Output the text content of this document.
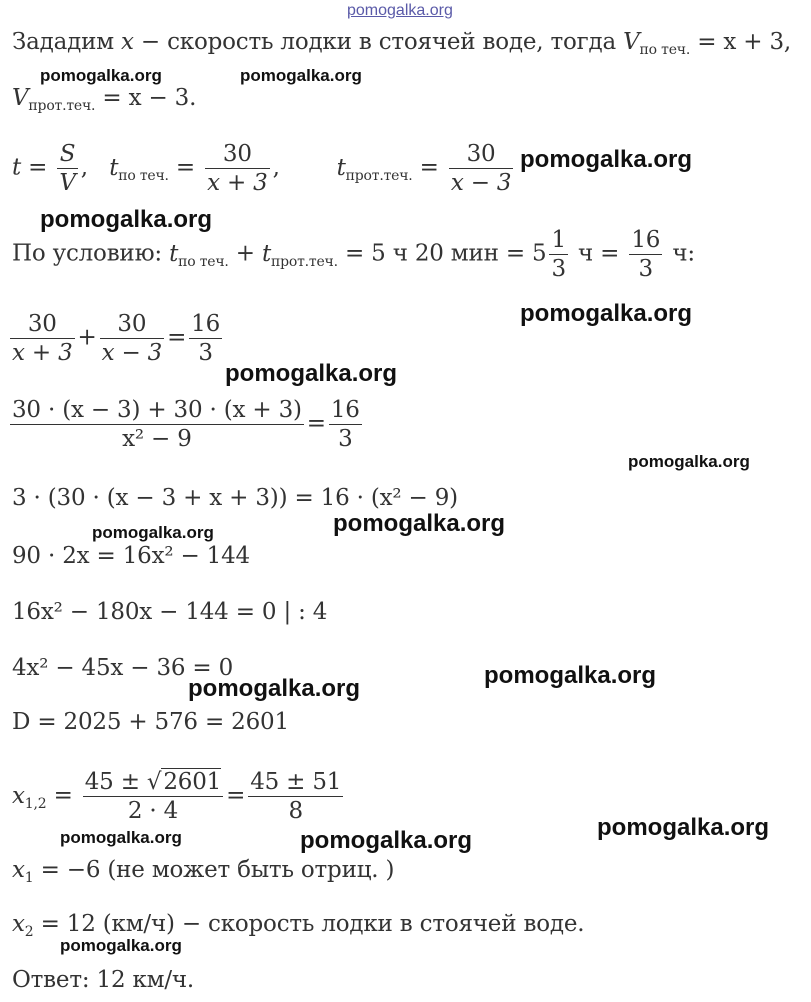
pomogalka.org
Зададим x − скорость лодки в стоячей воде, тогда $V_{по теч.} = x + 3$,
pomogalka.org	pomogalka.org
$V_{прот.теч.} = x - 3$.
$t = \frac{S}{V}$ ,   $t_{по теч.} = \frac{30}{x + 3}$ ,        $t_{прот.теч.} = \frac{30}{x - 3}$ pomogalka.org
pomogalka.org
По условию: $t_{по теч.} + t_{прот.теч.} = 5$ ч 20 мин = $5 \frac{1}{3}$ $ч = \frac{16}{3} ч$:
$\frac{30}{x + 3} + \frac{30}{x - 3} = \frac{16}{3}$	pomogalka.org
pomogalka.org
$\frac{30 \cdot (x - 3) + 30 \cdot (x + 3)}{\text{x² − 9}} = \frac{16}{3}$
pomogalka.org
3 · (30 · (x − 3 + x + 3)) = 16 · (x² − 9)
pomogalka.org
pomogalka.org
90 · 2x = 16x² − 144
16x² − 180x − 144 = 0 | : 4
4x² − 45x − 36 = 0	pomogalka.org
pomogalka.org
D = 2025 + 576 = 2601
$x_{1,2} = \frac{45 \pm √2601}{2 \cdot 4} = \frac{45 \pm 51}{8}$
pomogalka.org
pomogalka.org	pomogalka.org
$x_1 = -6$ (не может быть отриц. )
$x_2 = 12$ (км/ч) − скорость лодки в стоячей воде.
pomogalka.org
Ответ: 12 км/ч.
